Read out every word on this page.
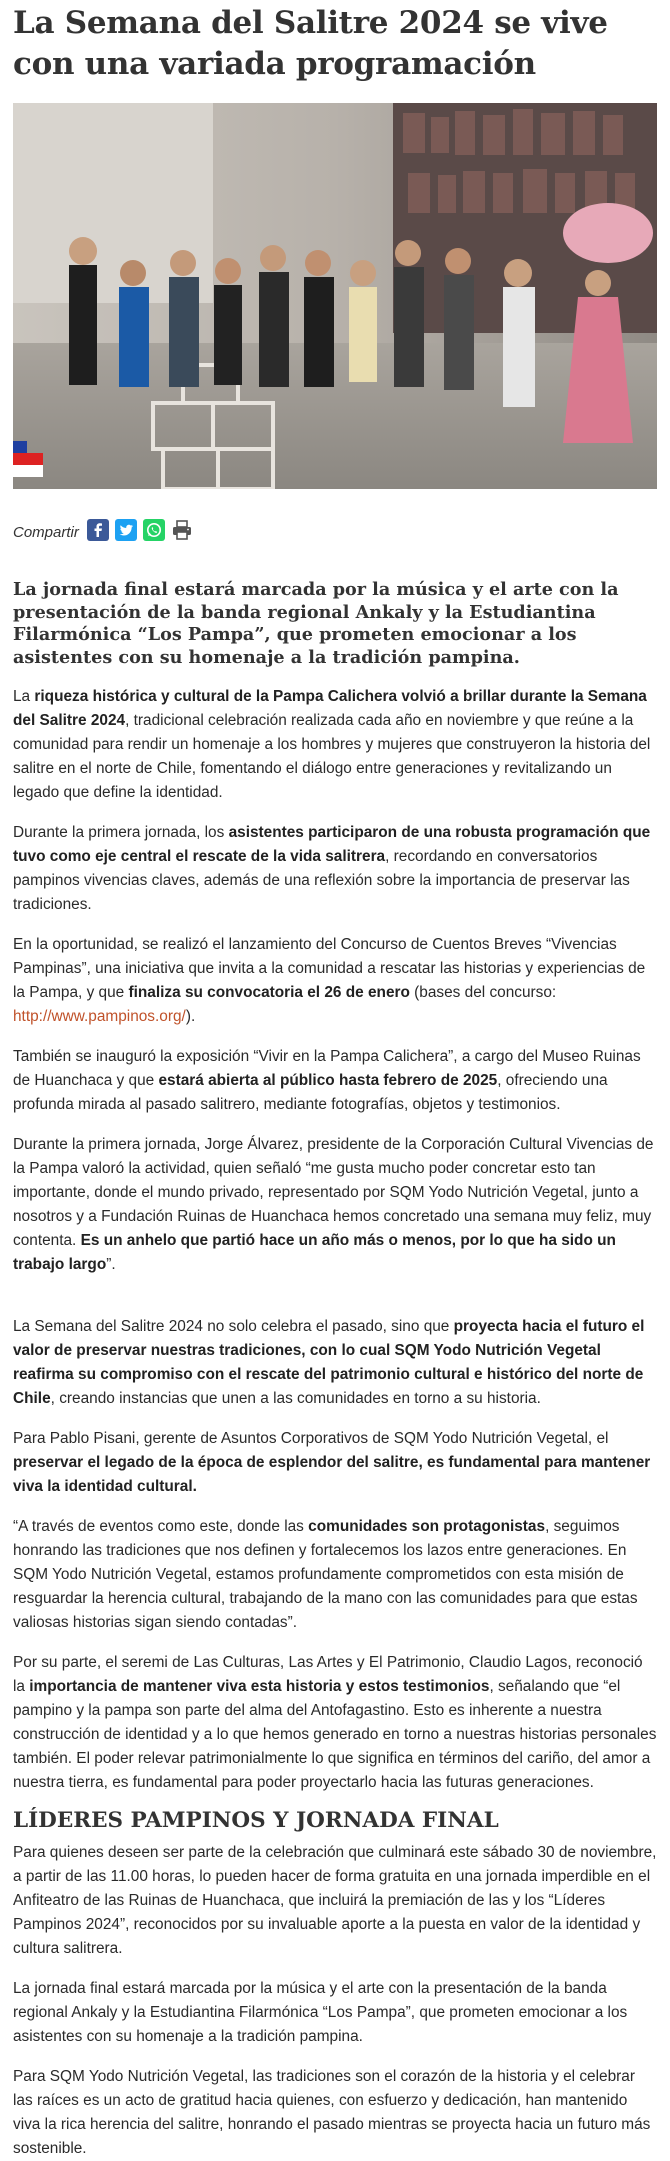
La Semana del Salitre 2024 se vive con una variada programación
Compartir

La jornada final estará marcada por la música y el arte con la presentación de la banda regional Ankaly y la Estudiantina Filarmónica “Los Pampa”, que prometen emocionar a los asistentes con su homenaje a la tradición pampina.

La riqueza histórica y cultural de la Pampa Calichera volvió a brillar durante la Semana del Salitre 2024, tradicional celebración realizada cada año en noviembre y que reúne a la comunidad para rendir un homenaje a los hombres y mujeres que construyeron la historia del salitre en el norte de Chile, fomentando el diálogo entre generaciones y revitalizando un legado que define la identidad.

Durante la primera jornada, los asistentes participaron de una robusta programación que tuvo como eje central el rescate de la vida salitrera, recordando en conversatorios pampinos vivencias claves, además de una reflexión sobre la importancia de preservar las tradiciones.

En la oportunidad, se realizó el lanzamiento del Concurso de Cuentos Breves “Vivencias Pampinas”, una iniciativa que invita a la comunidad a rescatar las historias y experiencias de la Pampa, y que finaliza su convocatoria el 26 de enero (bases del concurso: http://www.pampinos.org/).

También se inauguró la exposición “Vivir en la Pampa Calichera”, a cargo del Museo Ruinas de Huanchaca y que estará abierta al público hasta febrero de 2025, ofreciendo una profunda mirada al pasado salitrero, mediante fotografías, objetos y testimonios.

Durante la primera jornada, Jorge Álvarez, presidente de la Corporación Cultural Vivencias de la Pampa valoró la actividad, quien señaló “me gusta mucho poder concretar esto tan importante, donde el mundo privado, representado por SQM Yodo Nutrición Vegetal, junto a nosotros y a Fundación Ruinas de Huanchaca hemos concretado una semana muy feliz, muy contenta. Es un anhelo que partió hace un año más o menos, por lo que ha sido un trabajo largo”.

La Semana del Salitre 2024 no solo celebra el pasado, sino que proyecta hacia el futuro el valor de preservar nuestras tradiciones, con lo cual SQM Yodo Nutrición Vegetal reafirma su compromiso con el rescate del patrimonio cultural e histórico del norte de Chile, creando instancias que unen a las comunidades en torno a su historia.

Para Pablo Pisani, gerente de Asuntos Corporativos de SQM Yodo Nutrición Vegetal, el preservar el legado de la época de esplendor del salitre, es fundamental para mantener viva la identidad cultural.

“A través de eventos como este, donde las comunidades son protagonistas, seguimos honrando las tradiciones que nos definen y fortalecemos los lazos entre generaciones. En SQM Yodo Nutrición Vegetal, estamos profundamente comprometidos con esta misión de resguardar la herencia cultural, trabajando de la mano con las comunidades para que estas valiosas historias sigan siendo contadas”.

Por su parte, el seremi de Las Culturas, Las Artes y El Patrimonio, Claudio Lagos, reconoció la importancia de mantener viva esta historia y estos testimonios, señalando que “el pampino y la pampa son parte del alma del Antofagastino. Esto es inherente a nuestra construcción de identidad y a lo que hemos generado en torno a nuestras historias personales también. El poder relevar patrimonialmente lo que significa en términos del cariño, del amor a nuestra tierra, es fundamental para poder proyectarlo hacia las futuras generaciones.

LÍDERES PAMPINOS Y JORNADA FINAL

Para quienes deseen ser parte de la celebración que culminará este sábado 30 de noviembre, a partir de las 11.00 horas, lo pueden hacer de forma gratuita en una jornada imperdible en el Anfiteatro de las Ruinas de Huanchaca, que incluirá la premiación de las y los “Líderes Pampinos 2024”, reconocidos por su invaluable aporte a la puesta en valor de la identidad y cultura salitrera.

La jornada final estará marcada por la música y el arte con la presentación de la banda regional Ankaly y la Estudiantina Filarmónica “Los Pampa”, que prometen emocionar a los asistentes con su homenaje a la tradición pampina.

Para SQM Yodo Nutrición Vegetal, las tradiciones son el corazón de la historia y el celebrar las raíces es un acto de gratitud hacia quienes, con esfuerzo y dedicación, han mantenido viva la rica herencia del salitre, honrando el pasado mientras se proyecta hacia un futuro más sostenible.
